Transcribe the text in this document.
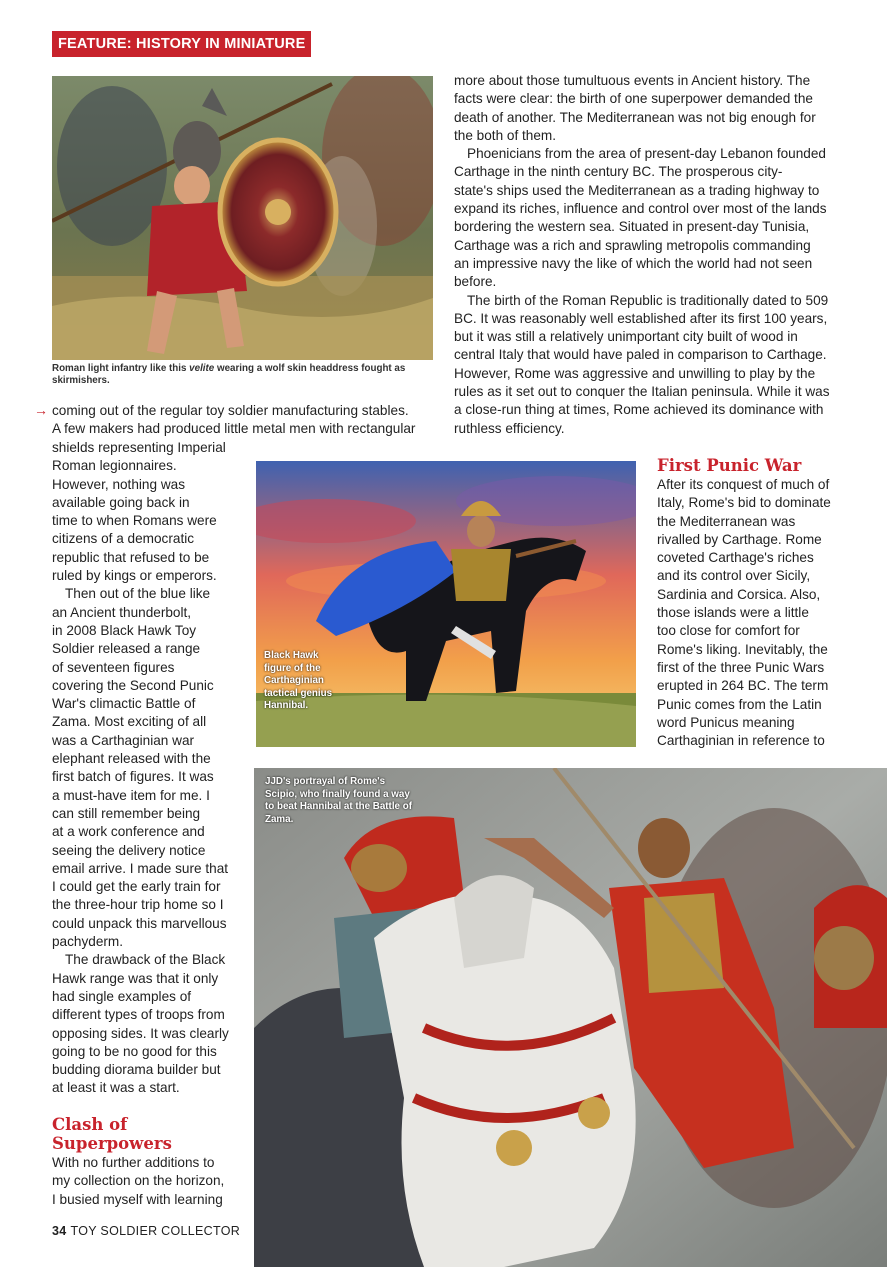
FEATURE: HISTORY IN MINIATURE
Roman light infantry like this velite wearing a wolf skin headdress fought as skirmishers.
→ coming out of the regular toy soldier manufacturing stables.

A few makers had produced little metal men with rectangular

shields representing Imperial

Roman legionnaires.

However, nothing was

available going back in

time to when Romans were

citizens of a democratic

republic that refused to be

ruled by kings or emperors.

Then out of the blue like

an Ancient thunderbolt,

in 2008 Black Hawk Toy

Soldier released a range

of seventeen figures

covering the Second Punic

War's climactic Battle of

Zama. Most exciting of all

was a Carthaginian war

elephant released with the

first batch of figures. It was

a must-have item for me. I

can still remember being

at a work conference and

seeing the delivery notice

email arrive. I made sure that

I could get the early train for

the three-hour trip home so I

could unpack this marvellous

pachyderm.

The drawback of the Black

Hawk range was that it only

had single examples of

different types of troops from

opposing sides. It was clearly

going to be no good for this

budding diorama builder but

at least it was a start.

Clash of
Superpowers

With no further additions to

my collection on the horizon,

I busied myself with learning

more about those tumultuous events in Ancient history. The

facts were clear: the birth of one superpower demanded the

death of another. The Mediterranean was not big enough for

the both of them.

Phoenicians from the area of present-day Lebanon founded

Carthage in the ninth century BC. The prosperous city-

state's ships used the Mediterranean as a trading highway to

expand its riches, influence and control over most of the lands

bordering the western sea. Situated in present-day Tunisia,

Carthage was a rich and sprawling metropolis commanding

an impressive navy the like of which the world had not seen

before.

The birth of the Roman Republic is traditionally dated to 509

BC. It was reasonably well established after its first 100 years,

but it was still a relatively unimportant city built of wood in

central Italy that would have paled in comparison to Carthage.

However, Rome was aggressive and unwilling to play by the

rules as it set out to conquer the Italian peninsula. While it was

a close-run thing at times, Rome achieved its dominance with

ruthless efficiency.

Black Hawk figure of the Carthaginian tactical genius Hannibal.
First Punic War

After its conquest of much of

Italy, Rome's bid to dominate

the Mediterranean was

rivalled by Carthage. Rome

coveted Carthage's riches

and its control over Sicily,

Sardinia and Corsica. Also,

those islands were a little

too close for comfort for

Rome's liking. Inevitably, the

first of the three Punic Wars

erupted in 264 BC. The term

Punic comes from the Latin

word Punicus meaning

Carthaginian in reference to

JJD's portrayal of Rome's Scipio, who finally found a way to beat Hannibal at the Battle of Zama.
34 TOY SOLDIER COLLECTOR
